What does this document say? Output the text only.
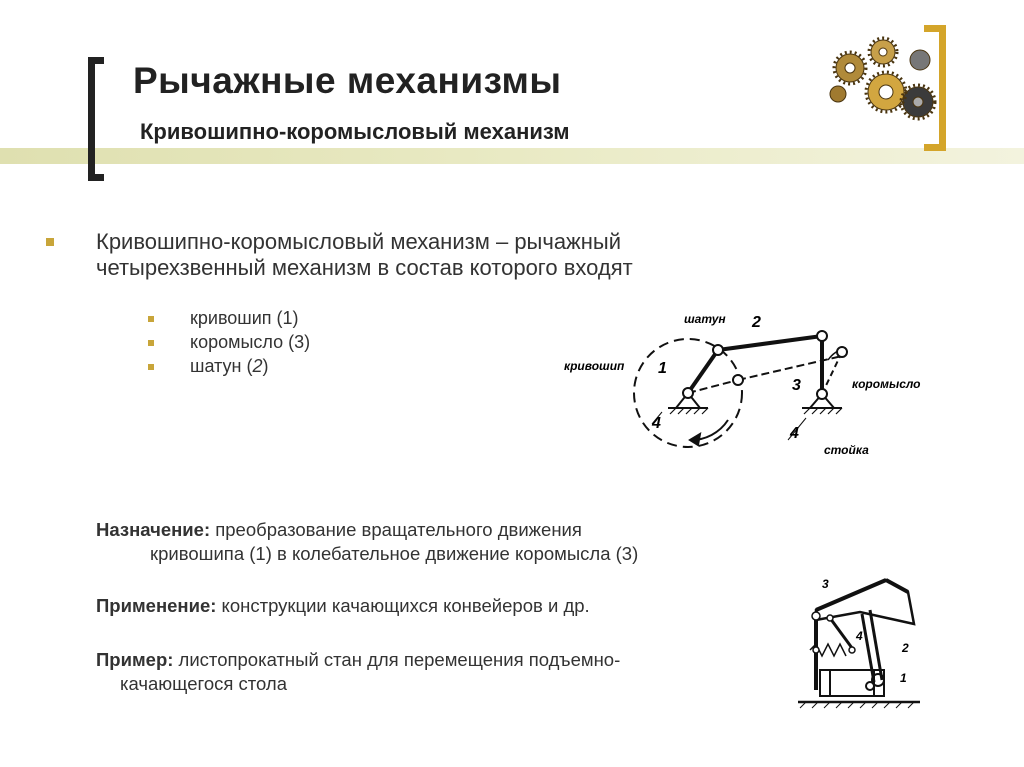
Рычажные механизмы
Кривошипно-коромысловый механизм
Кривошипно-коромысловый механизм – рычажный четырехзвенный механизм в состав которого входят
кривошип (1)
коромысло (3)
шатун (2)
шатун
кривошип
коромысло
стойка
1
2
3
4
4
Назначение: преобразование вращательного движения
кривошипа (1) в колебательное движение коромысла (3)
Применение: конструкции качающихся конвейеров и др.
Пример: листопрокатный стан для перемещения подъемно-
качающегося стола
3
4
2
1
